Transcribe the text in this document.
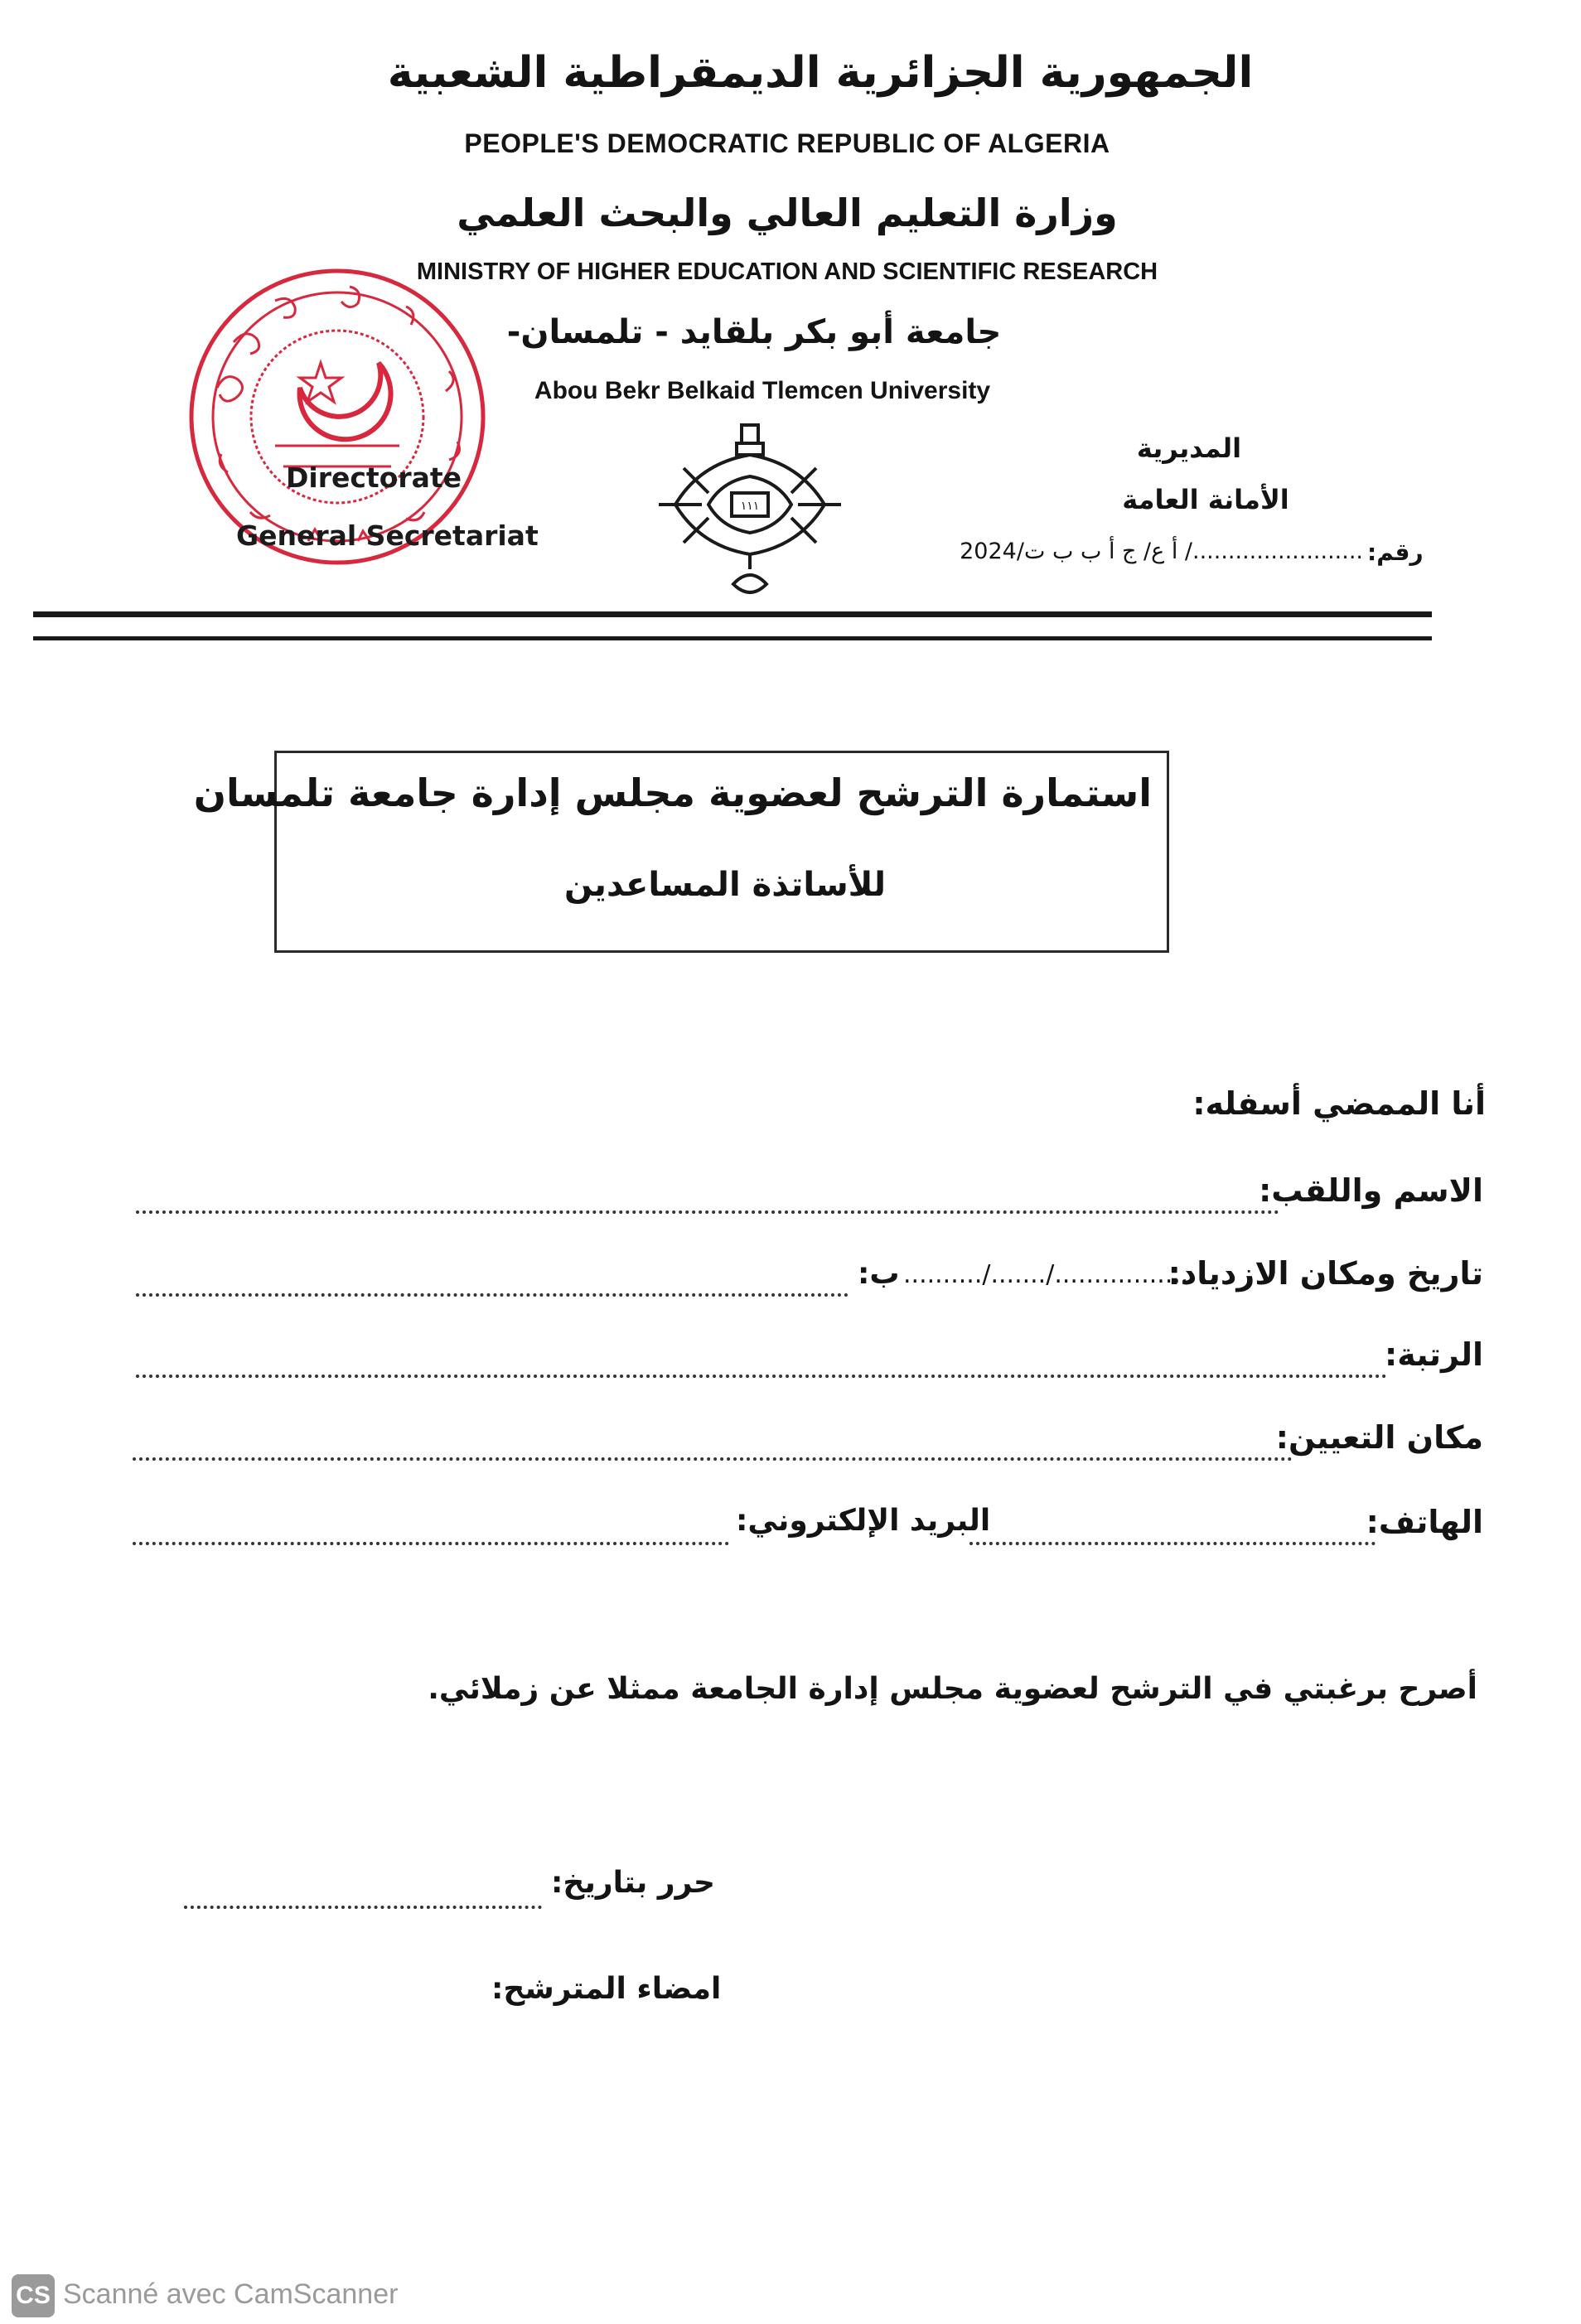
الجمهورية الجزائرية الديمقراطية الشعبية
PEOPLE'S DEMOCRATIC REPUBLIC OF ALGERIA
وزارة التعليم العالي والبحث العلمي
MINISTRY OF HIGHER EDUCATION AND SCIENTIFIC RESEARCH
جامعة أبو بكر بلقايد - تلمسان-
Abou Bekr Belkaid Tlemcen University
Directorate
General Secretariat
۱۱۱
المديرية
الأمانة العامة
رقم:
......................../ أ ع/ ج أ ب ب ت/2024
استمارة الترشح لعضوية مجلس إدارة جامعة تلمسان
للأساتذة المساعدين
أنا الممضي أسفله:
الاسم واللقب:
تاريخ ومكان الازدياد:
........../......./.................
ب:
الرتبة:
مكان التعيين:
الهاتف:
البريد الإلكتروني:
أصرح برغبتي في الترشح لعضوية مجلس إدارة الجامعة ممثلا عن زملائي.
حرر بتاريخ:
امضاء المترشح:
CS Scanné avec CamScanner
